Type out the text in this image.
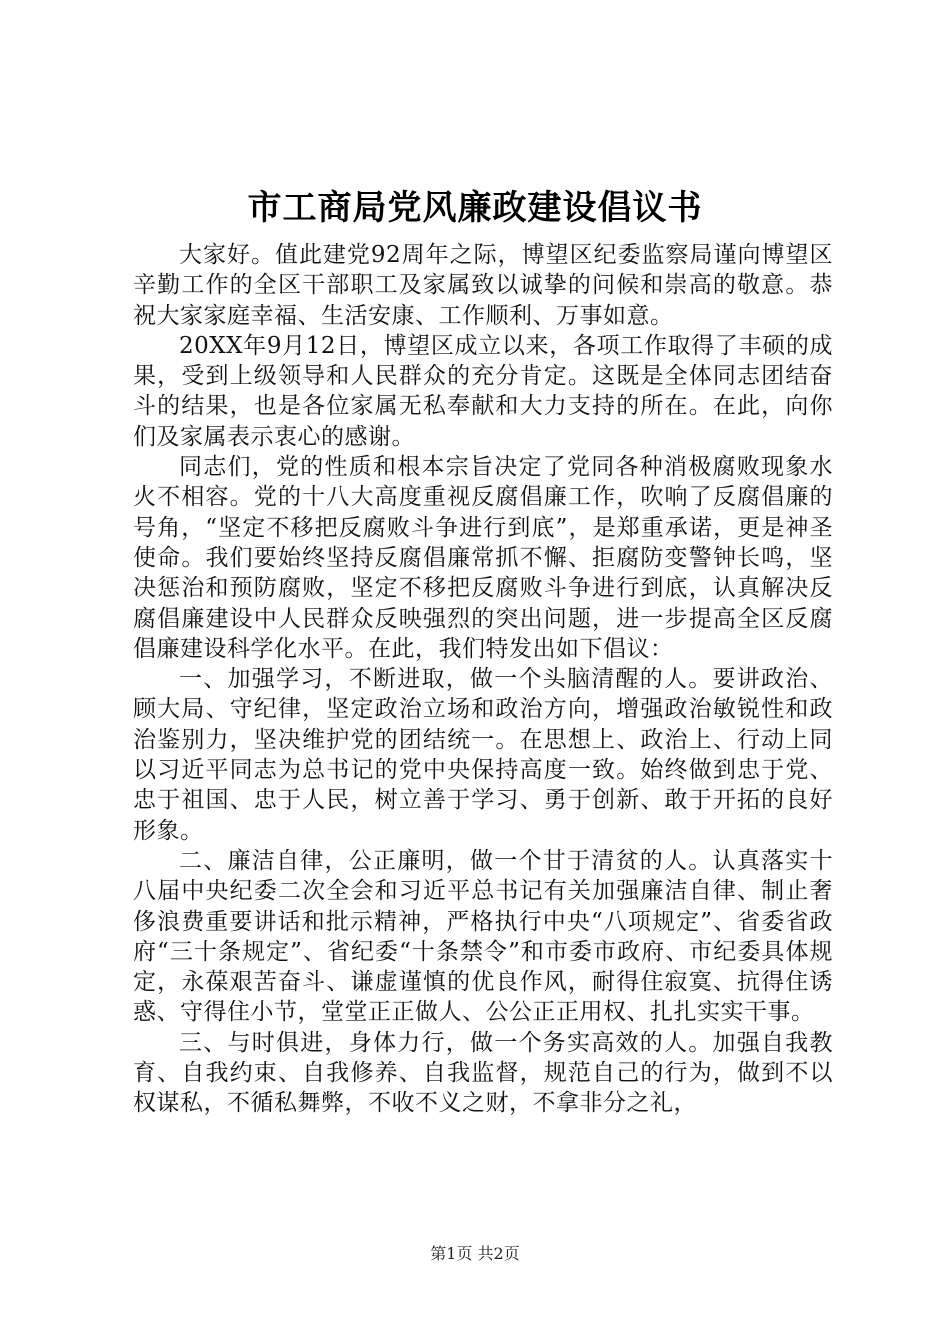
市工商局党风廉政建设倡议书

大家好。值此建党92周年之际，博望区纪委监察局谨向博望区辛勤工作的全区干部职工及家属致以诚挚的问候和崇高的敬意。恭祝大家家庭幸福、生活安康、工作顺利、万事如意。

20XX年9月12日，博望区成立以来，各项工作取得了丰硕的成果，受到上级领导和人民群众的充分肯定。这既是全体同志团结奋斗的结果，也是各位家属无私奉献和大力支持的所在。在此，向你们及家属表示衷心的感谢。

同志们，党的性质和根本宗旨决定了党同各种消极腐败现象水火不相容。党的十八大高度重视反腐倡廉工作，吹响了反腐倡廉的号角，“坚定不移把反腐败斗争进行到底”，是郑重承诺，更是神圣使命。我们要始终坚持反腐倡廉常抓不懈、拒腐防变警钟长鸣，坚决惩治和预防腐败，坚定不移把反腐败斗争进行到底，认真解决反腐倡廉建设中人民群众反映强烈的突出问题，进一步提高全区反腐倡廉建设科学化水平。在此，我们特发出如下倡议：

一、加强学习，不断进取，做一个头脑清醒的人。要讲政治、顾大局、守纪律，坚定政治立场和政治方向，增强政治敏锐性和政治鉴别力，坚决维护党的团结统一。在思想上、政治上、行动上同以习近平同志为总书记的党中央保持高度一致。始终做到忠于党、忠于祖国、忠于人民，树立善于学习、勇于创新、敢于开拓的良好形象。

二、廉洁自律，公正廉明，做一个甘于清贫的人。认真落实十八届中央纪委二次全会和习近平总书记有关加强廉洁自律、制止奢侈浪费重要讲话和批示精神，严格执行中央“八项规定”、省委省政府“三十条规定”、省纪委“十条禁令”和市委市政府、市纪委具体规定，永葆艰苦奋斗、谦虚谨慎的优良作风，耐得住寂寞、抗得住诱惑、守得住小节，堂堂正正做人、公公正正用权、扎扎实实干事。

三、与时俱进，身体力行，做一个务实高效的人。加强自我教育、自我约束、自我修养、自我监督，规范自己的行为，做到不以权谋私，不循私舞弊，不收不义之财，不拿非分之礼，

第1页 共2页
